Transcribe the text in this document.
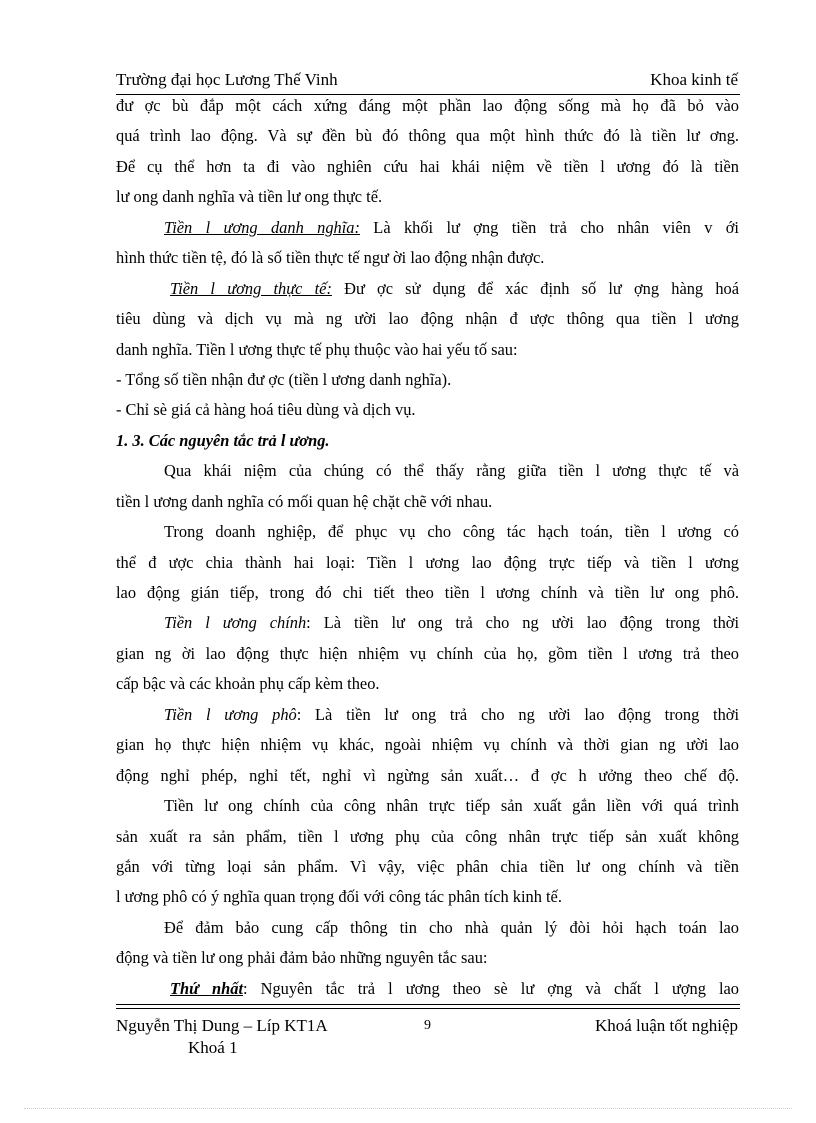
Trường đại học Lương Thế Vinh	Khoa kinh tế
đư ợc bù đắp một cách xứng đáng một phần lao động sống mà họ đã bỏ vào
quá trình lao động. Và sự đền bù đó thông qua một hình thức đó là tiền lư ơng.
Để cụ thể hơn ta đi vào nghiên cứu hai khái niệm về tiền l ương đó là tiền
lư ong danh nghĩa và tiền lư ong thực tế.
Tiền l ương danh nghĩa: Là khối lư ợng tiền trả cho nhân viên v ới
hình thức tiền tệ, đó là số tiền thực tế ngư ời lao động nhận được.
Tiền l ương thực tế: Đư ợc sử dụng để xác định số lư ợng hàng hoá
tiêu dùng và dịch vụ mà ng ười lao động nhận đ ược thông qua tiền l ương
danh nghĩa. Tiền l ương thực tế phụ thuộc vào hai yếu tố sau:
- Tổng số tiền nhận đư ợc (tiền l ương danh nghĩa).
- Chỉ sè giá cả hàng hoá tiêu dùng và dịch vụ.
1. 3. Các nguyên tắc trả l ương.
Qua khái niệm của chúng có thể thấy rằng giữa tiền l ương thực tế và
tiền l ương danh nghĩa có mối quan hệ chặt chẽ với nhau.
Trong doanh nghiệp, để phục vụ cho công tác hạch toán, tiền l ương có
thể đ ược chia thành hai loại: Tiền l ương lao động trực tiếp và tiền l ương
lao động gián tiếp, trong đó chi tiết theo tiền l ương chính và tiền lư ong phô.
Tiền l ương chính: Là tiền lư ong trả cho ng ười lao động trong thời
gian ng ời lao động thực hiện nhiệm vụ chính của họ, gồm tiền l ương trả theo
cấp bậc và các khoản phụ cấp kèm theo.
Tiền l ương phô: Là tiền lư ong trả cho ng ười lao động trong thời
gian họ thực hiện nhiệm vụ khác, ngoài nhiệm vụ chính và thời gian ng ười lao
động nghỉ phép, nghỉ tết, nghỉ vì ngừng sản xuất… đ ợc h ưởng theo chế độ.
Tiền lư ong chính của công nhân trực tiếp sản xuất gắn liền với quá trình
sản xuất ra sản phẩm, tiền l ương phụ của công nhân trực tiếp sản xuất không
gắn với từng loại sản phẩm. Vì vậy, việc phân chia tiền lư ong chính và tiền
l ương phô có ý nghĩa quan trọng đối với công tác phân tích kinh tế.
Để đảm bảo cung cấp thông tin cho nhà quản lý đòi hỏi hạch toán lao
động và tiền lư ong phải đảm bảo những nguyên tắc sau:
Thứ nhất: Nguyên tắc trả l ương theo sè lư ợng và chất l ượng lao
Nguyễn Thị Dung – Líp KT1A	9	Khoá luận tốt nghiệp
Khoá 1
